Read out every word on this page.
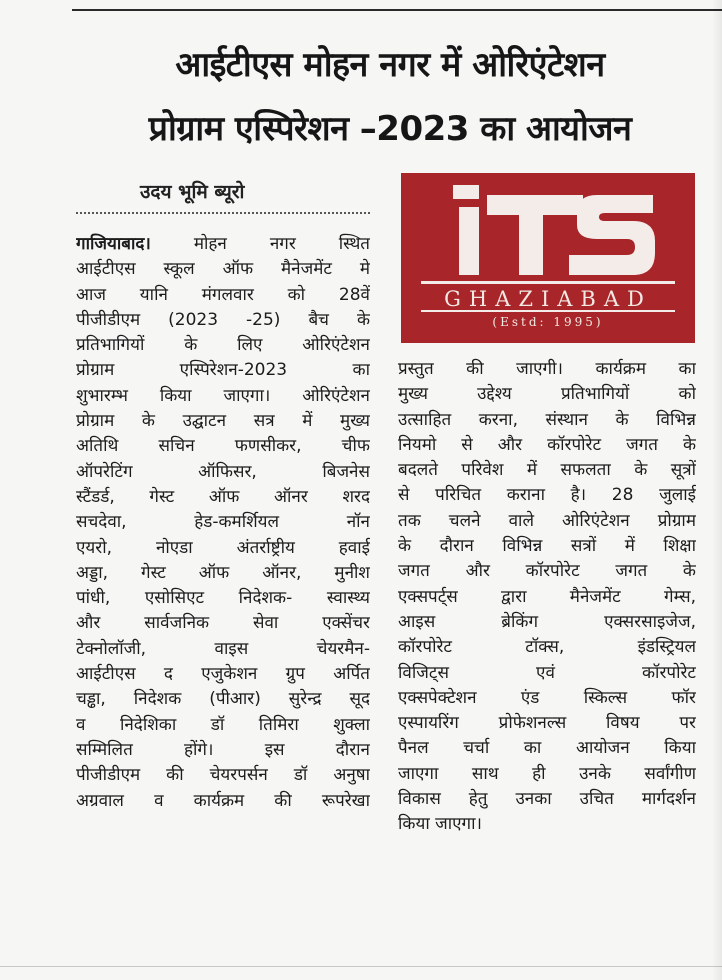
आईटीएस मोहन नगर में ओरिएंटेशन
प्रोग्राम एस्पिरेशन –2023 का आयोजन
उदय भूमि ब्यूरो
GHAZIABAD
(Estd: 1995)
गाजियाबाद।	मोहन नगर स्थित
आईटीएस स्कूल ऑफ मैनेजमेंट मे
आज यानि मंगलवार को 28वें
पीजीडीएम (2023 -25) बैच के
प्रतिभागियों के लिए ओरिएंटेशन
प्रोग्राम एस्पिरेशन-2023 का
शुभारम्भ किया जाएगा। ओरिएंटेशन
प्रोग्राम के उद्घाटन सत्र में मुख्य
अतिथि सचिन फणसीकर, चीफ
ऑपरेटिंग ऑफिसर, बिजनेस
स्टैंडर्ड, गेस्ट ऑफ ऑनर शरद
सचदेवा, हेड-कमर्शियल नॉन
एयरो, नोएडा अंतर्राष्ट्रीय हवाई
अड्डा, गेस्ट ऑफ ऑनर, मुनीश
पांधी, एसोसिएट निदेशक- स्वास्थ्य
और सार्वजनिक सेवा एक्सेंचर
टेक्नोलॉजी, वाइस चेयरमैन-
आईटीएस द एजुकेशन ग्रुप अर्पित
चड्ढा, निदेशक (पीआर) सुरेन्द्र सूद
व निदेशिका डॉ तिमिरा शुक्ला
सम्मिलित होंगे। इस दौरान
पीजीडीएम की चेयरपर्सन डॉ अनुषा
अग्रवाल व कार्यक्रम की रूपरेखा
प्रस्तुत की जाएगी। कार्यक्रम का
मुख्य उद्देश्य प्रतिभागियों को
उत्साहित करना, संस्थान के विभिन्न
नियमो से और कॉरपोरेट जगत के
बदलते परिवेश में सफलता के सूत्रों
से परिचित कराना है। 28 जुलाई
तक चलने वाले ओरिएंटेशन प्रोग्राम
के दौरान विभिन्न सत्रों में शिक्षा
जगत और कॉरपोरेट जगत के
एक्सपर्ट्स द्वारा मैनेजमेंट गेम्स,
आइस ब्रेकिंग एक्सरसाइजेज,
कॉरपोरेट टॉक्स, इंडस्ट्रियल
विजिट्स एवं कॉरपोरेट
एक्सपेक्टेशन एंड स्किल्स फॉर
एस्पायरिंग प्रोफेशनल्स विषय पर
पैनल चर्चा का आयोजन किया
जाएगा साथ ही उनके सर्वांगीण
विकास हेतु उनका उचित मार्गदर्शन
किया जाएगा।
